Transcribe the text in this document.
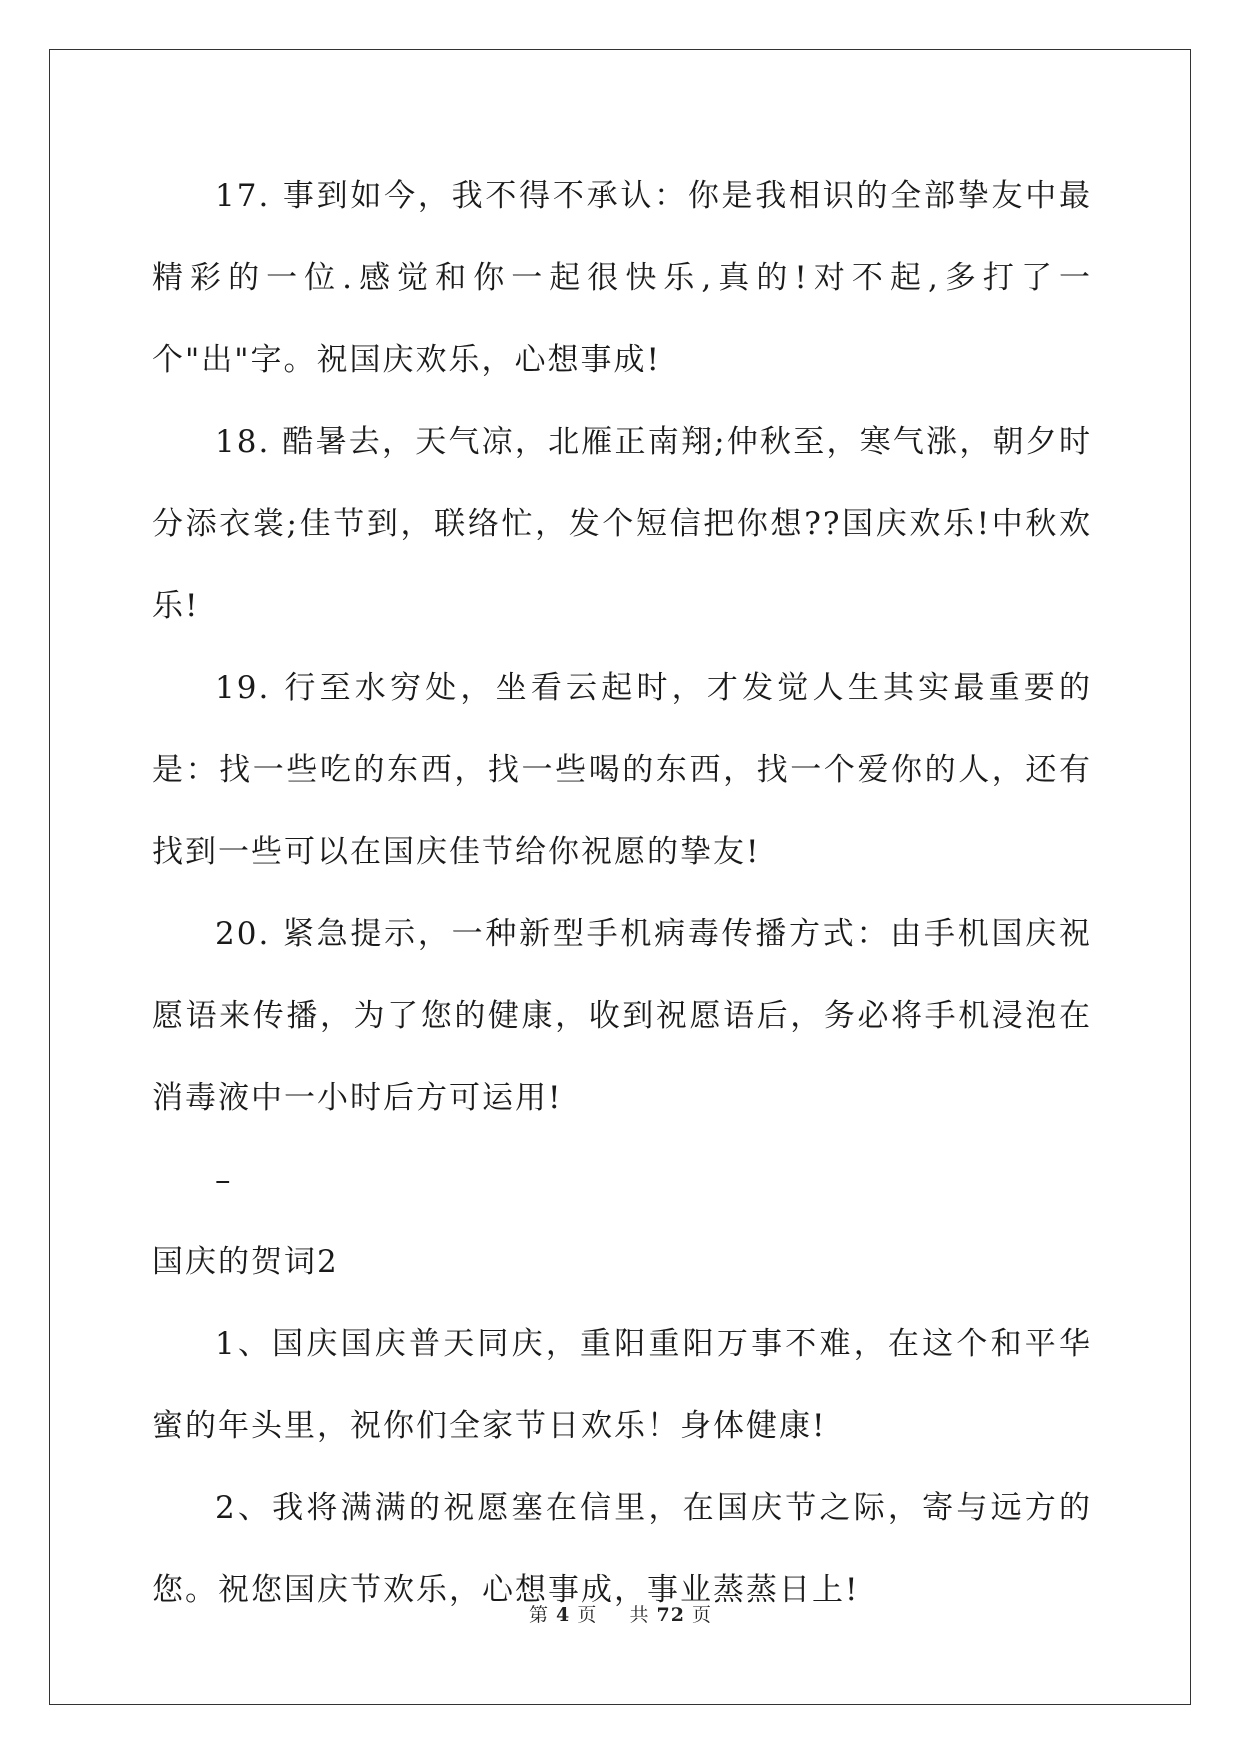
17. 事到如今，我不得不承认：你是我相识的全部挚友中最精彩的一位.感觉和你一起很快乐,真的!对不起,多打了一个"出"字。祝国庆欢乐，心想事成!

18. 酷暑去，天气凉，北雁正南翔;仲秋至，寒气涨，朝夕时分添衣裳;佳节到，联络忙，发个短信把你想??国庆欢乐!中秋欢乐!

19. 行至水穷处，坐看云起时，才发觉人生其实最重要的是：找一些吃的东西，找一些喝的东西，找一个爱你的人，还有找到一些可以在国庆佳节给你祝愿的挚友!

20. 紧急提示，一种新型手机病毒传播方式：由手机国庆祝愿语来传播，为了您的健康，收到祝愿语后，务必将手机浸泡在消毒液中一小时后方可运用!

–

国庆的贺词2

1、国庆国庆普天同庆，重阳重阳万事不难，在这个和平华蜜的年头里，祝你们全家节日欢乐！身体健康!

2、我将满满的祝愿塞在信里，在国庆节之际，寄与远方的您。祝您国庆节欢乐，心想事成，事业蒸蒸日上!

第 4 页 共 72 页
